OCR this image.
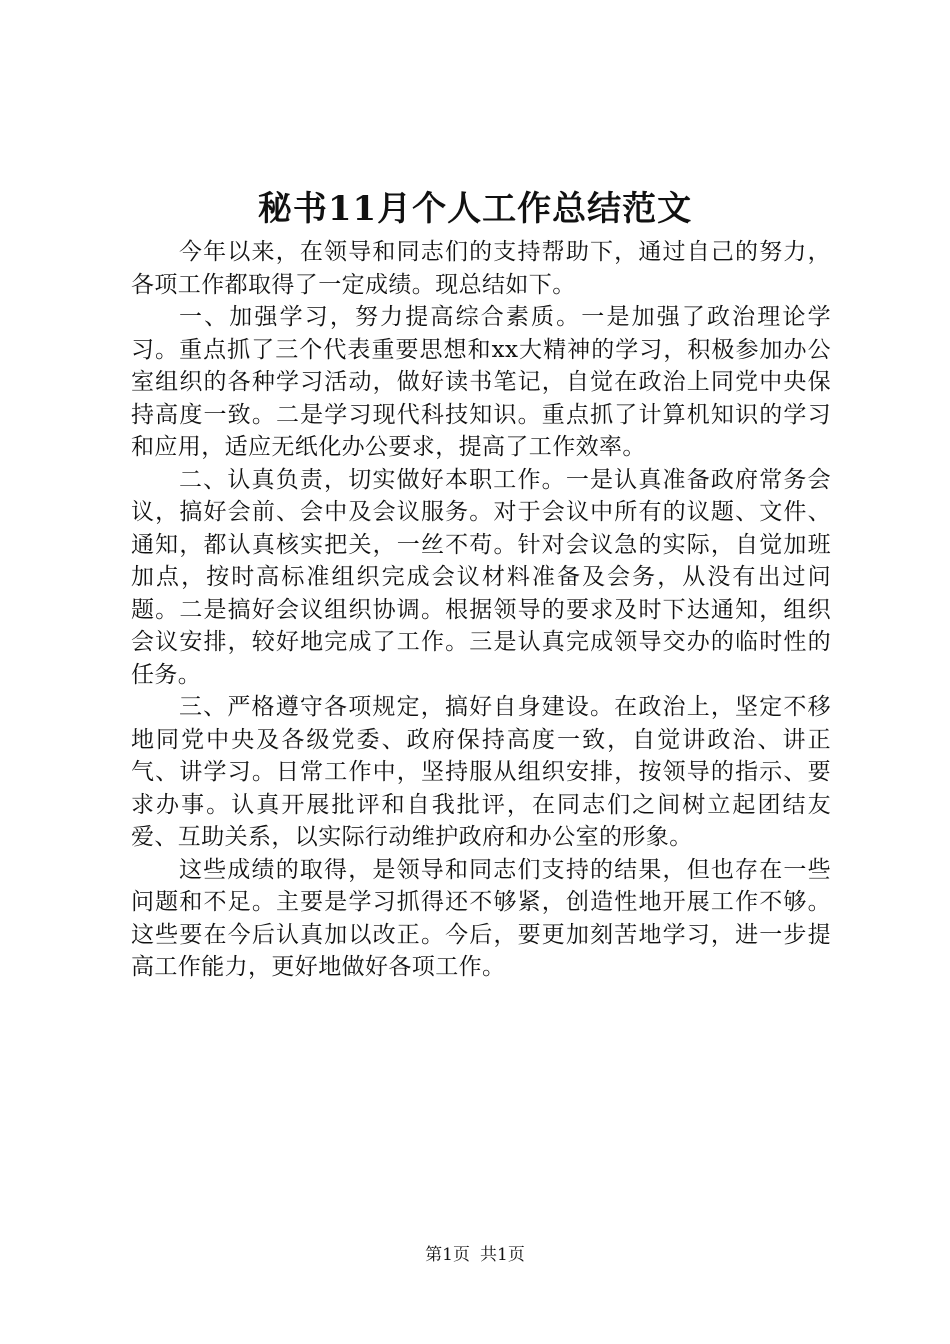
秘书11月个人工作总结范文

今年以来，在领导和同志们的支持帮助下，通过自己的努力，各项工作都取得了一定成绩。现总结如下。

一、加强学习，努力提高综合素质。一是加强了政治理论学习。重点抓了三个代表重要思想和xx大精神的学习，积极参加办公室组织的各种学习活动，做好读书笔记，自觉在政治上同党中央保持高度一致。二是学习现代科技知识。重点抓了计算机知识的学习和应用，适应无纸化办公要求，提高了工作效率。

二、认真负责，切实做好本职工作。一是认真准备政府常务会议，搞好会前、会中及会议服务。对于会议中所有的议题、文件、通知，都认真核实把关，一丝不苟。针对会议急的实际，自觉加班加点，按时高标准组织完成会议材料准备及会务，从没有出过问题。二是搞好会议组织协调。根据领导的要求及时下达通知，组织会议安排，较好地完成了工作。三是认真完成领导交办的临时性的任务。

三、严格遵守各项规定，搞好自身建设。在政治上，坚定不移地同党中央及各级党委、政府保持高度一致，自觉讲政治、讲正气、讲学习。日常工作中，坚持服从组织安排，按领导的指示、要求办事。认真开展批评和自我批评，在同志们之间树立起团结友爱、互助关系，以实际行动维护政府和办公室的形象。

这些成绩的取得，是领导和同志们支持的结果，但也存在一些问题和不足。主要是学习抓得还不够紧，创造性地开展工作不够。这些要在今后认真加以改正。今后，要更加刻苦地学习，进一步提高工作能力，更好地做好各项工作。

第1页 共1页
